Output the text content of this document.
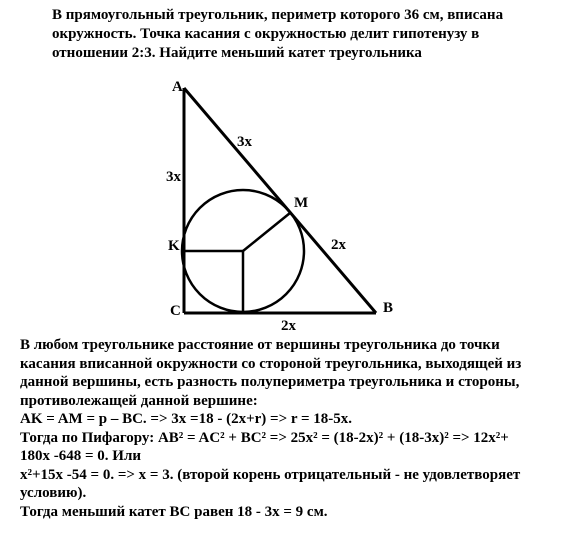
В прямоугольный треугольник, периметр которого 36 см, вписана
окружность. Точка касания с окружностью делит гипотенузу в
отношении 2:3. Найдите меньший катет треугольника
A
C	B
K
M
3x
3x
2x
2x
В любом треугольнике расстояние от вершины треугольника до точки
касания вписанной окружности со стороной треугольника, выходящей из
данной вершины, есть разность полупериметра треугольника и стороны,
противолежащей данной вершине:
AK = AM = p – BC. => 3x =18 - (2x+r) => r = 18-5x.
Тогда по Пифагору: AB² = AC² + BC² => 25x² = (18-2x)² + (18-3x)² => 12x²+
180x -648 = 0. Или
x²+15x -54 = 0. => x = 3. (второй корень отрицательный - не удовлетворяет
условию).
Тогда меньший катет BC равен 18 - 3x = 9 см.
